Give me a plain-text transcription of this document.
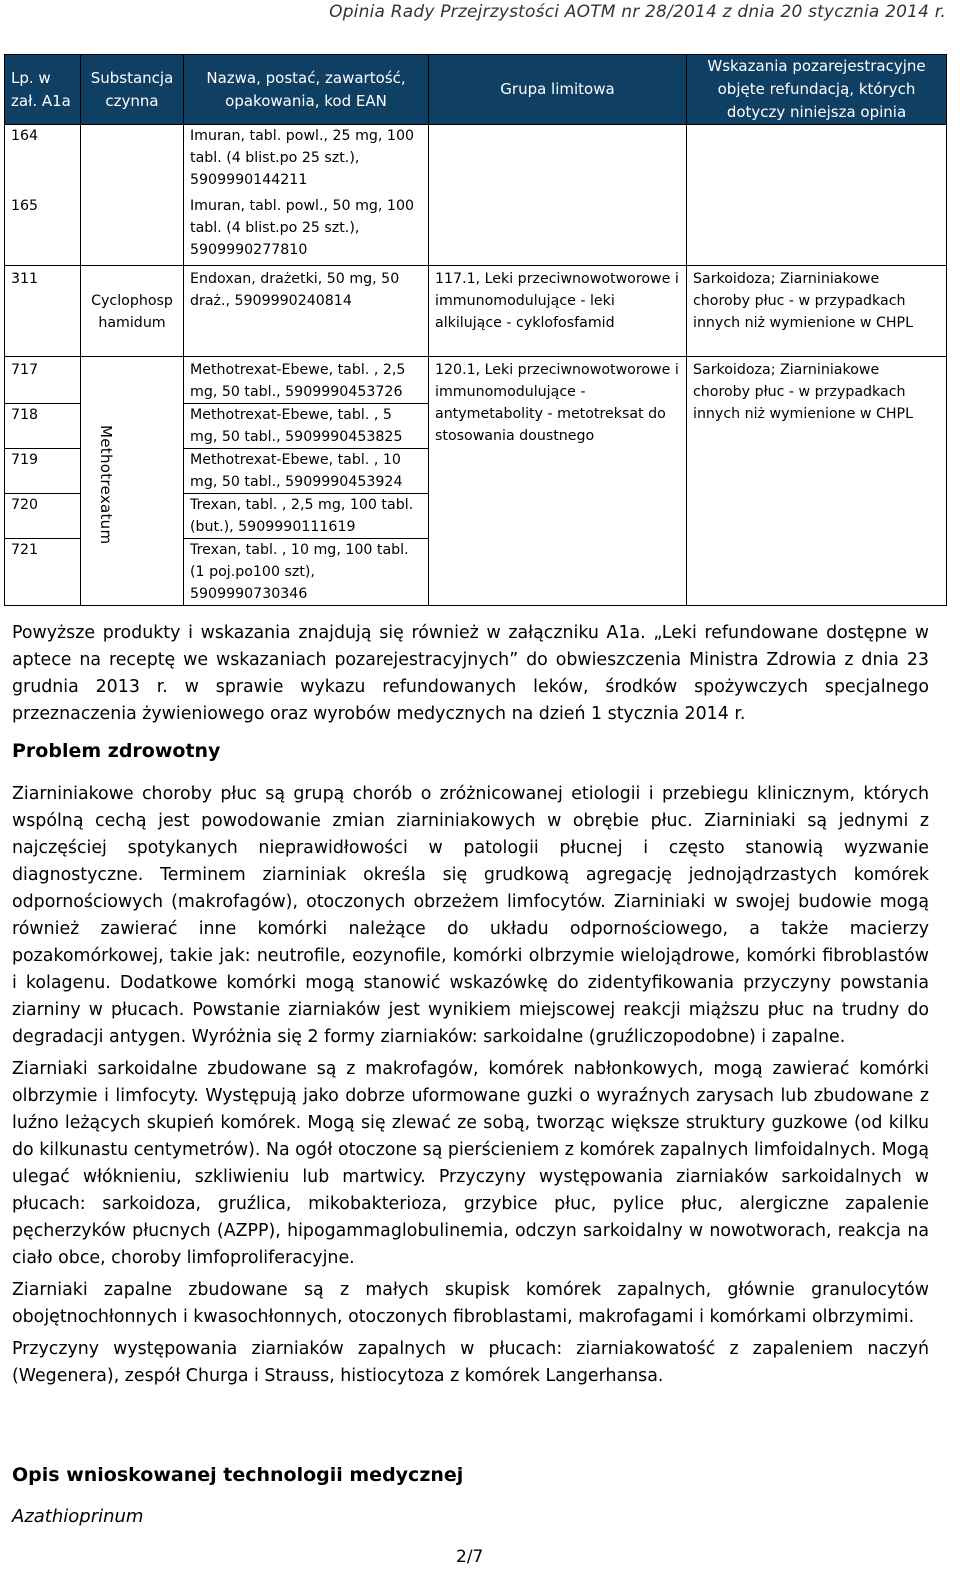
Opinia Rady Przejrzystości AOTM nr 28/2014 z dnia 20 stycznia 2014 r.
Lp. w zał. A1a	Substancja czynna	Nazwa, postać, zawartość, opakowania, kod EAN	Grupa limitowa	Wskazania pozarejestracyjne objęte refundacją, których dotyczy niniejsza opinia
164		Imuran, tabl. powl., 25 mg, 100 tabl. (4 blist.po 25 szt.), 5909990144211		
165		Imuran, tabl. powl., 50 mg, 100 tabl. (4 blist.po 25 szt.), 5909990277810		
311	Cyclophosp hamidum	Endoxan, drażetki, 50 mg, 50 draż., 5909990240814	117.1, Leki przeciwnowotworowe i immunomodulujące - leki alkilujące - cyklofosfamid	Sarkoidoza; Ziarniniakowe choroby płuc - w przypadkach innych niż wymienione w CHPL
717	Methotrexatum	Methotrexat-Ebewe, tabl. , 2,5 mg, 50 tabl., 5909990453726	120.1, Leki przeciwnowotworowe i immunomodulujące - antymetabolity - metotreksat do stosowania doustnego	Sarkoidoza; Ziarniniakowe choroby płuc - w przypadkach innych niż wymienione w CHPL
718		Methotrexat-Ebewe, tabl. , 5 mg, 50 tabl., 5909990453825		
719		Methotrexat-Ebewe, tabl. , 10 mg, 50 tabl., 5909990453924		
720		Trexan, tabl. , 2,5 mg, 100 tabl. (but.), 5909990111619		
721		Trexan, tabl. , 10 mg, 100 tabl. (1 poj.po100 szt), 5909990730346		

Powyższe produkty i wskazania znajdują się również w załączniku A1a. „Leki refundowane dostępne w aptece na receptę we wskazaniach pozarejestracyjnych” do obwieszczenia Ministra Zdrowia z dnia 23 grudnia 2013 r. w sprawie wykazu refundowanych leków, środków spożywczych specjalnego przeznaczenia żywieniowego oraz wyrobów medycznych na dzień 1 stycznia 2014 r.

Problem zdrowotny

Ziarniniakowe choroby płuc są grupą chorób o zróżnicowanej etiologii i przebiegu klinicznym, których wspólną cechą jest powodowanie zmian ziarniniakowych w obrębie płuc. Ziarniniaki są jednymi z najczęściej spotykanych nieprawidłowości w patologii płucnej i często stanowią wyzwanie diagnostyczne. Terminem ziarniniak określa się grudkową agregację jednojądrzastych komórek odpornościowych (makrofagów), otoczonych obrzeżem limfocytów. Ziarniniaki w swojej budowie mogą również zawierać inne komórki należące do układu odpornościowego, a także macierzy pozakomórkowej, takie jak: neutrofile, eozynofile, komórki olbrzymie wielojądrowe, komórki fibroblastów i kolagenu. Dodatkowe komórki mogą stanowić wskazówkę do zidentyfikowania przyczyny powstania ziarniny w płucach. Powstanie ziarniaków jest wynikiem miejscowej reakcji miąższu płuc na trudny do degradacji antygen. Wyróżnia się 2 formy ziarniaków: sarkoidalne (gruźliczopodobne) i zapalne.

Ziarniaki sarkoidalne zbudowane są z makrofagów, komórek nabłonkowych, mogą zawierać komórki olbrzymie i limfocyty. Występują jako dobrze uformowane guzki o wyraźnych zarysach lub zbudowane z luźno leżących skupień komórek. Mogą się zlewać ze sobą, tworząc większe struktury guzkowe (od kilku do kilkunastu centymetrów). Na ogół otoczone są pierścieniem z komórek zapalnych limfoidalnych. Mogą ulegać włóknieniu, szkliwieniu lub martwicy. Przyczyny występowania ziarniaków sarkoidalnych w płucach: sarkoidoza, gruźlica, mikobakterioza, grzybice płuc, pylice płuc, alergiczne zapalenie pęcherzyków płucnych (AZPP), hipogammaglobulinemia, odczyn sarkoidalny w nowotworach, reakcja na ciało obce, choroby limfoproliferacyjne.

Ziarniaki zapalne zbudowane są z małych skupisk komórek zapalnych, głównie granulocytów obojętnochłonnych i kwasochłonnych, otoczonych fibroblastami, makrofagami i komórkami olbrzymimi.

Przyczyny występowania ziarniaków zapalnych w płucach: ziarniakowatość z zapaleniem naczyń (Wegenera), zespół Churga i Strauss, histiocytoza z komórek Langerhansa.

Opis wnioskowanej technologii medycznej
Azathioprinum
2/7
